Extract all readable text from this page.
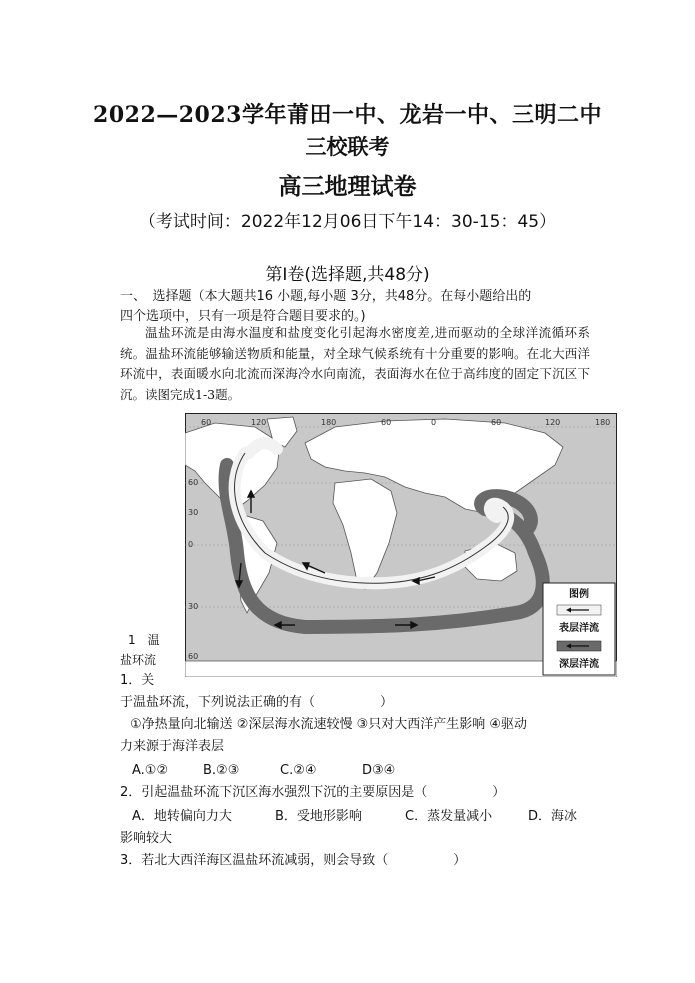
2022—2023学年莆田一中、龙岩一中、三明二中
三校联考
高三地理试卷
（考试时间：2022年12月06日下午14：30-15：45）
第Ⅰ卷(选择题,共48分)
一、　选择题（本大题共16 小题,每小题 3分，共48分。在每小题给出的
四个选项中，只有一项是符合题目要求的。)
温盐环流是由海水温度和盐度变化引起海水密度差,进而驱动的全球洋流循环系统。温盐环流能够输送物质和能量，对全球气候系统有十分重要的影响。在北大西洋环流中，表面暖水向北流而深海冷水向南流，表面海水在位于高纬度的固定下沉区下沉。读图完成1-3题。
60	120	180	60	0	60	120	180
60
30
0
30
60
图例
表层洋流
深层洋流
1　温
盐环流
1．关
于温盐环流，下列说法正确的有（　　　　　）
①净热量向北输送 ②深层海水流速较慢 ③只对大西洋产生影响 ④驱动
力来源于海洋表层
A.①②	B.②③	C.②④	D③④
2．引起温盐环流下沉区海水强烈下沉的主要原因是（　　　　　）
A．地转偏向力大	B．受地形影响	C．蒸发量减小	D．海冰
影响较大
3．若北大西洋海区温盐环流减弱，则会导致（　　　　　）
